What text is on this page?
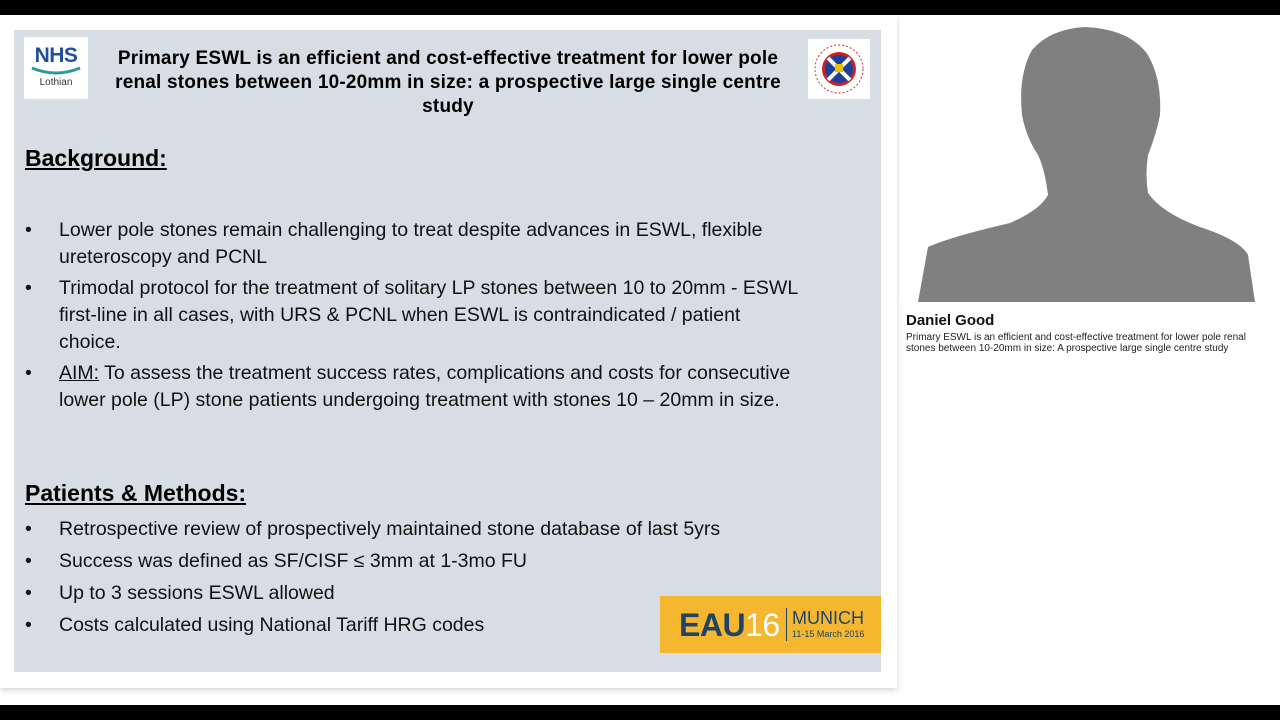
NHS
Lothian
Primary ESWL is an efficient and cost-effective treatment for lower pole renal stones between 10-20mm in size: a prospective large single centre study
Background:
• Lower pole stones remain challenging to treat despite advances in ESWL, flexible ureteroscopy and PCNL
• Trimodal protocol for the treatment of solitary LP stones between 10 to 20mm - ESWL first-line in all cases, with URS & PCNL when ESWL is contraindicated / patient choice.
• AIM: To assess the treatment success rates, complications and costs for consecutive lower pole (LP) stone patients undergoing treatment with stones 10 – 20mm in size.
Patients & Methods:
• Retrospective review of prospectively maintained stone database of last 5yrs
• Success was defined as SF/CISF ≤ 3mm at 1-3mo FU
• Up to 3 sessions ESWL allowed
• Costs calculated using National Tariff HRG codes	EAU16 MUNICH
11-15 March 2016
Daniel Good
Primary ESWL is an efficient and cost-effective treatment for lower pole renal stones between 10-20mm in size: A prospective large single centre study
